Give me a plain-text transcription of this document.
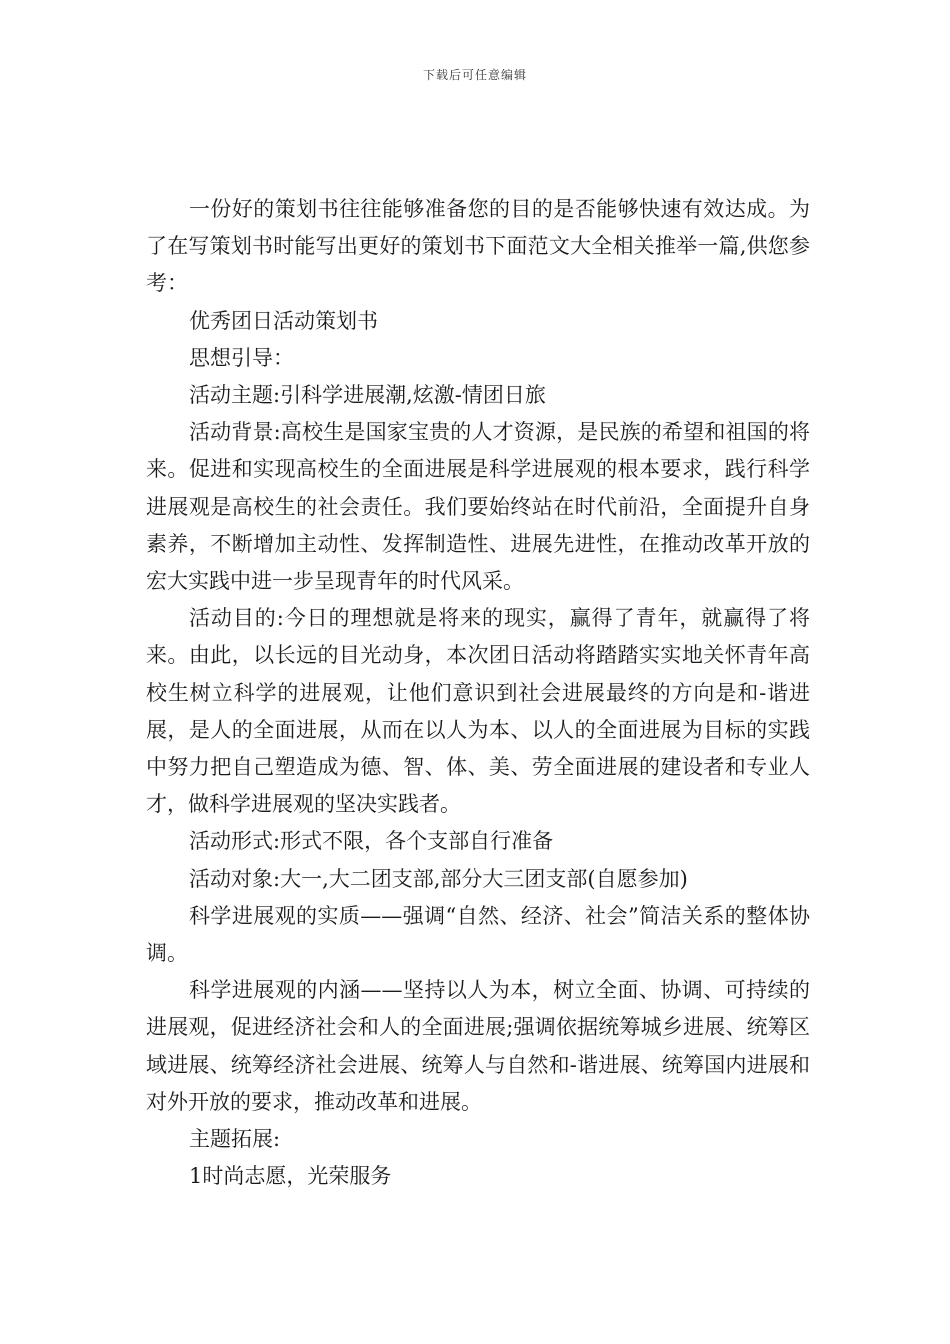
下载后可任意编辑

一份好的策划书往往能够准备您的目的是否能够快速有效达成。为了在写策划书时能写出更好的策划书下面范文大全相关推举一篇,供您参考：

优秀团日活动策划书

思想引导：

活动主题:引科学进展潮,炫激-情团日旅

活动背景:高校生是国家宝贵的人才资源，是民族的希望和祖国的将来。促进和实现高校生的全面进展是科学进展观的根本要求，践行科学进展观是高校生的社会责任。我们要始终站在时代前沿，全面提升自身素养，不断增加主动性、发挥制造性、进展先进性，在推动改革开放的宏大实践中进一步呈现青年的时代风采。

活动目的:今日的理想就是将来的现实，赢得了青年，就赢得了将来。由此，以长远的目光动身，本次团日活动将踏踏实实地关怀青年高校生树立科学的进展观，让他们意识到社会进展最终的方向是和-谐进展，是人的全面进展，从而在以人为本、以人的全面进展为目标的实践中努力把自己塑造成为德、智、体、美、劳全面进展的建设者和专业人才，做科学进展观的坚决实践者。

活动形式:形式不限，各个支部自行准备

活动对象:大一,大二团支部,部分大三团支部(自愿参加)

科学进展观的实质——强调“自然、经济、社会”简洁关系的整体协调。

科学进展观的内涵——坚持以人为本，树立全面、协调、可持续的进展观，促进经济社会和人的全面进展;强调依据统筹城乡进展、统筹区域进展、统筹经济社会进展、统筹人与自然和-谐进展、统筹国内进展和对外开放的要求，推动改革和进展。

主题拓展:

1时尚志愿，光荣服务
